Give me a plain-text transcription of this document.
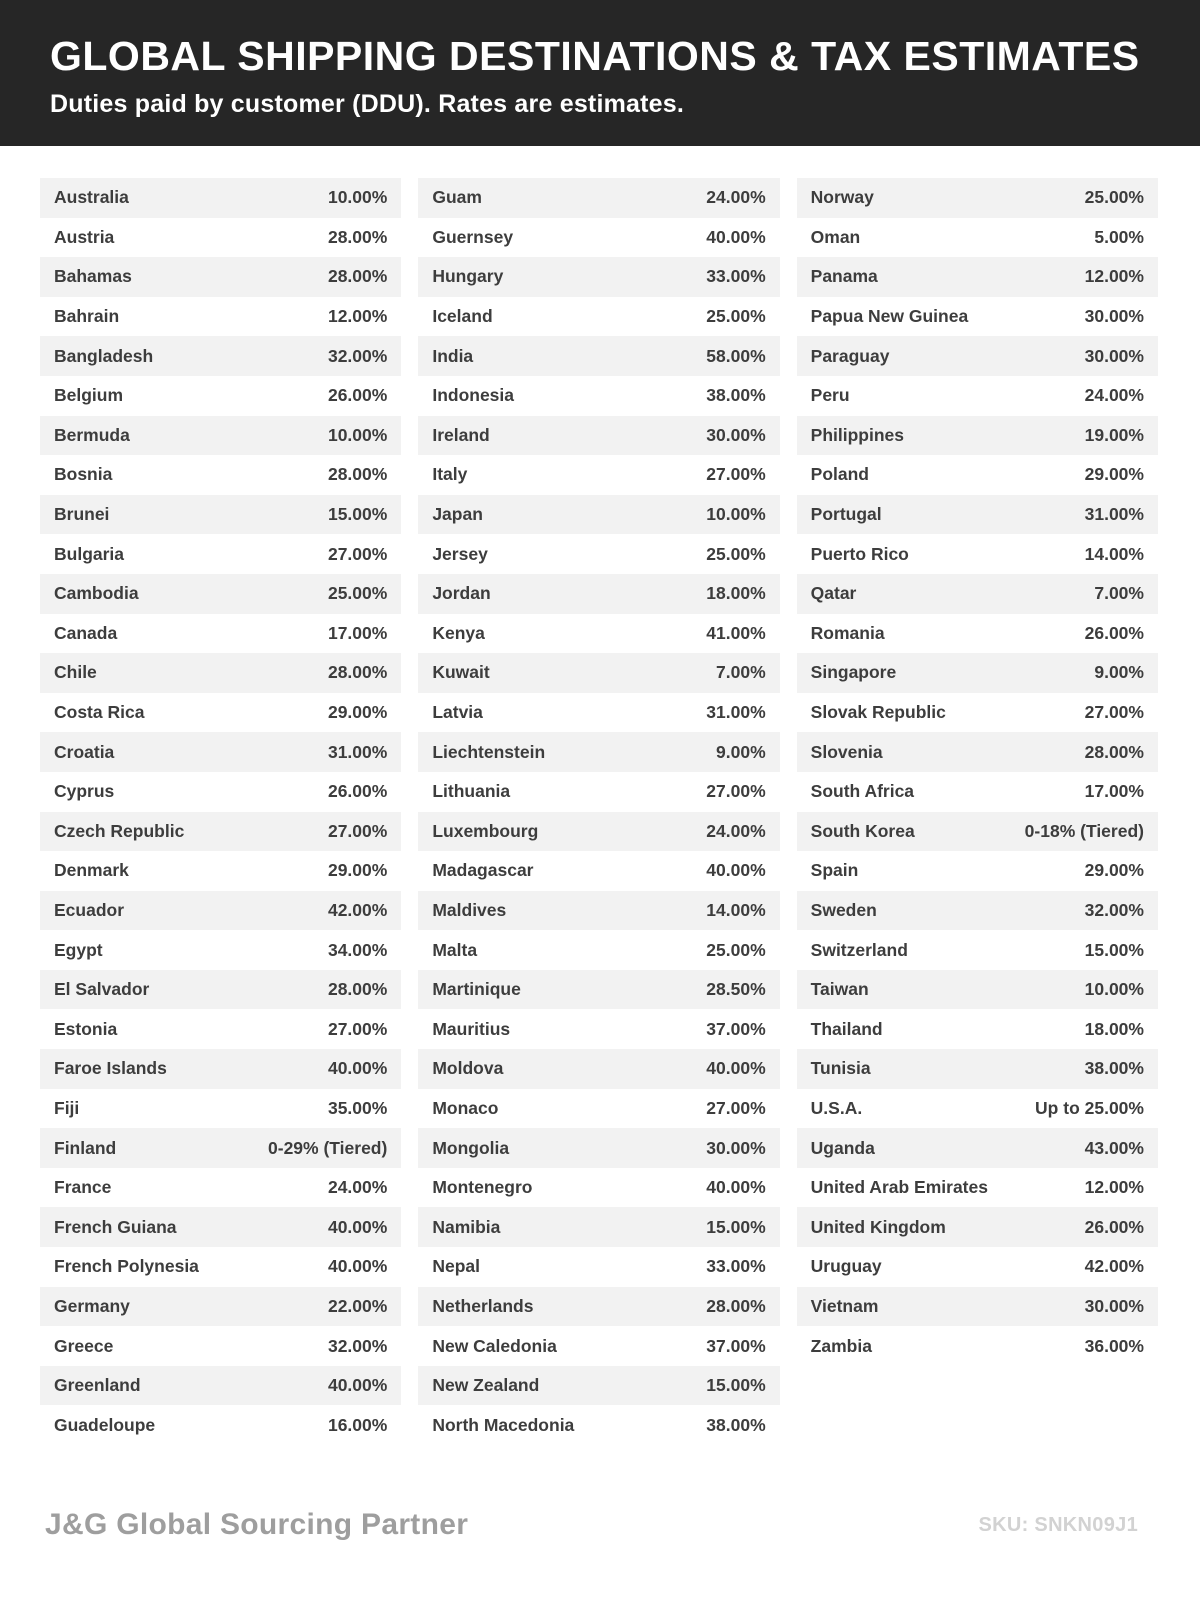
GLOBAL SHIPPING DESTINATIONS & TAX ESTIMATES

Duties paid by customer (DDU). Rates are estimates.

Australia	10.00%
Austria	28.00%
Bahamas	28.00%
Bahrain	12.00%
Bangladesh	32.00%
Belgium	26.00%
Bermuda	10.00%
Bosnia	28.00%
Brunei	15.00%
Bulgaria	27.00%
Cambodia	25.00%
Canada	17.00%
Chile	28.00%
Costa Rica	29.00%
Croatia	31.00%
Cyprus	26.00%
Czech Republic	27.00%
Denmark	29.00%
Ecuador	42.00%
Egypt	34.00%
El Salvador	28.00%
Estonia	27.00%
Faroe Islands	40.00%
Fiji	35.00%
Finland	0-29% (Tiered)
France	24.00%
French Guiana	40.00%
French Polynesia	40.00%
Germany	22.00%
Greece	32.00%
Greenland	40.00%
Guadeloupe	16.00%
Guam	24.00%
Guernsey	40.00%
Hungary	33.00%
Iceland	25.00%
India	58.00%
Indonesia	38.00%
Ireland	30.00%
Italy	27.00%
Japan	10.00%
Jersey	25.00%
Jordan	18.00%
Kenya	41.00%
Kuwait	7.00%
Latvia	31.00%
Liechtenstein	9.00%
Lithuania	27.00%
Luxembourg	24.00%
Madagascar	40.00%
Maldives	14.00%
Malta	25.00%
Martinique	28.50%
Mauritius	37.00%
Moldova	40.00%
Monaco	27.00%
Mongolia	30.00%
Montenegro	40.00%
Namibia	15.00%
Nepal	33.00%
Netherlands	28.00%
New Caledonia	37.00%
New Zealand	15.00%
North Macedonia	38.00%
Norway	25.00%
Oman	5.00%
Panama	12.00%
Papua New Guinea	30.00%
Paraguay	30.00%
Peru	24.00%
Philippines	19.00%
Poland	29.00%
Portugal	31.00%
Puerto Rico	14.00%
Qatar	7.00%
Romania	26.00%
Singapore	9.00%
Slovak Republic	27.00%
Slovenia	28.00%
South Africa	17.00%
South Korea	0-18% (Tiered)
Spain	29.00%
Sweden	32.00%
Switzerland	15.00%
Taiwan	10.00%
Thailand	18.00%
Tunisia	38.00%
U.S.A.	Up to 25.00%
Uganda	43.00%
United Arab Emirates	12.00%
United Kingdom	26.00%
Uruguay	42.00%
Vietnam	30.00%
Zambia	36.00%
J&G Global Sourcing Partner	SKU: SNKN09J1
